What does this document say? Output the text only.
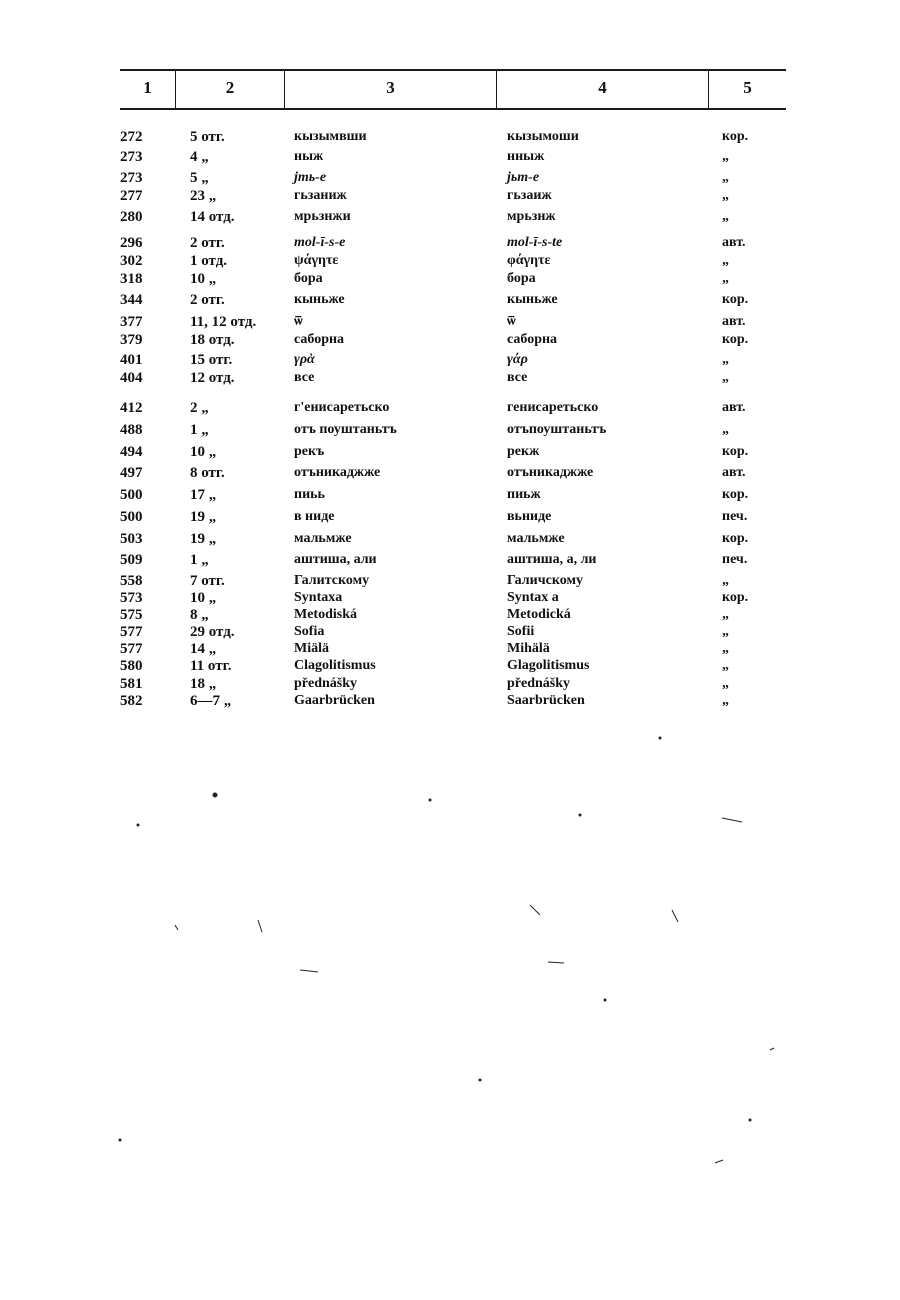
1	2	3	4	5
272	5 отг.	кызымвши	кызымоши	кор.
273	4 „	ныж	нныж	„
273	5 „	jmь-e	jьm-e	„
277	23 „	гьзаниж	гьзаиж	„
280	14 отд.	мрьзнжи	мрьзнж	„
296	2 отг.	mol-ī-s-e	mol-ī-s-te	авт.
302	1 отд.	ψάγητε	φάγητε	„
318	10 „	бора	бора	„
344	2 отг.	кыньже	кыньже	кор.
377	11, 12 отд.	ѿ	ѿ	авт.
379	18 отд.	саборна	саборна	кор.
401	15 отг.	γρὰ	γάρ	„
404	12 отд.	все	все	„
412	2 „	г'енисаретьско	генисаретьско	авт.
488	1 „	отъ поуштаньтъ	отъпоуштаньтъ	„
494	10 „	рекъ	рекж	кор.
497	8 отг.	отъникаджже	отъникаджже	авт.
500	17 „	пиьь	пиьж	кор.
500	19 „	в ниде	вьниде	печ.
503	19 „	мальмже	мальмже	кор.
509	1 „	аштиша, али	аштиша, а, ли	печ.
558	7 отг.	Галитскому	Галичскому	„
573	10 „	Syntaxa	Syntax a	кор.
575	8 „	Metodiská	Metodická	„
577	29 отд.	Sofia	Sofii	„
577	14 „	Miälä	Mihälä	„
580	11 отг.	Clagolitismus	Glagolitismus	„
581	18 „	přednášky	přednášky	„
582	6—7 „	Gaarbrücken	Saarbrücken	„
